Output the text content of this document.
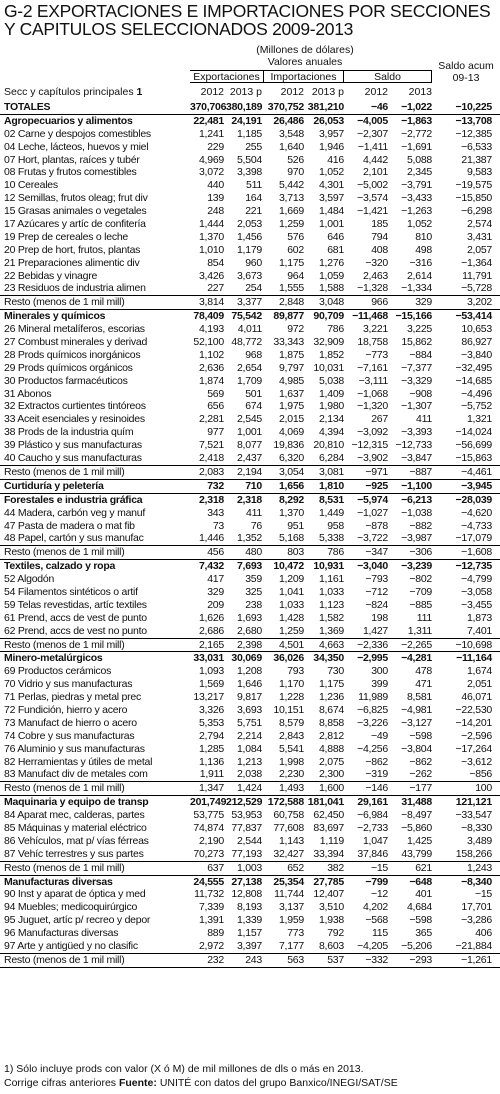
G-2 EXPORTACIONES E IMPORTACIONES POR SECCIONES Y CAPITULOS SELECCIONADOS 2009-2013
(Millones de dólares)
Valores anuales	Saldo acum 09-13
Exportaciones	Importaciones	Saldo
Secc y capítulos principales 1	2012 2013 p	2012 2013 p	2012	2013
TOTALES	370,706 380,189 370,752 381,210	−46	−1,022	−10,225
Agropecuarios y alimentos	22,481 24,191	26,486 26,053	−4,005	−1,863	−13,708
02 Carne y despojos comestibles	1,241	1,185	3,548	3,957	−2,307	−2,772	−12,385
04 Leche, lácteos, huevos y miel	229	255	1,640	1,946	−1,411	−1,691	−6,533
07 Hort, plantas, raíces y tubér	4,969	5,504	526	416	4,442	5,088	21,387
08 Frutas y frutos comestibles	3,072	3,398	970	1,052	2,101	2,345	9,583
10 Cereales	440	511	5,442	4,301	−5,002	−3,791	−19,575
12 Semillas, frutos oleag; frut div	139	164	3,713	3,597	−3,574	−3,433	−15,850
15 Grasas animales o vegetales	248	221	1,669	1,484	−1,421	−1,263	−6,298
17 Azúcares y artíc de confitería	1,444	2,053	1,259	1,001	185	1,052	2,574
19 Prep de cereales o leche	1,370	1,456	576	646	794	810	3,431
20 Prep de hort, frutos, plantas	1,010	1,179	602	681	408	498	2,057
21 Preparaciones alimentic div	854	960	1,175	1,276	−320	−316	−1,364
22 Bebidas y vinagre	3,426	3,673	964	1,059	2,463	2,614	11,791
23 Residuos de industria alimen	227	254	1,555	1,588	−1,328	−1,334	−5,728
Resto (menos de 1 mil mill)	3,814	3,377	2,848	3,048	966	329	3,202
Minerales y químicos	78,409 75,542	89,877 90,709 −11,468 −15,166	−53,414
26 Mineral metalíferos, escorias	4,193	4,011	972	786	3,221	3,225	10,653
27 Combust minerales y derivad	52,100 48,772	33,343 32,909	18,758	15,862	86,927
28 Prods químicos inorgánicos	1,102	968	1,875	1,852	−773	−884	−3,840
29 Prods químicos orgánicos	2,636	2,654	9,797 10,031	−7,161	−7,377	−32,495
30 Productos farmacéuticos	1,874	1,709	4,985	5,038	−3,111	−3,329	−14,685
31 Abonos	569	501	1,637	1,409	−1,068	−908	−4,496
32 Extractos curtientes tintóreos	656	674	1,975	1,980	−1,320	−1,307	−5,752
33 Aceit esenciales y resinoides	2,281	2,545	2,015	2,134	267	411	1,321
38 Prods de la industria quím	977	1,001	4,069	4,394	−3,092	−3,393	−14,024
39 Plástico y sus manufacturas	7,521	8,077	19,836 20,810 −12,315 −12,733	−56,699
40 Caucho y sus manufacturas	2,418	2,437	6,320	6,284	−3,902	−3,847	−15,863
Resto (menos de 1 mil mill)	2,083	2,194	3,054	3,081	−971	−887	−4,461
Curtiduría y peletería	732	710	1,656	1,810	−925	−1,100	−3,945
Forestales e industria gráfica	2,318	2,318	8,292	8,531	−5,974	−6,213	−28,039
44 Madera, carbón veg y manuf	343	411	1,370	1,449	−1,027	−1,038	−4,620
47 Pasta de madera o mat fib	73	76	951	958	−878	−882	−4,733
48 Papel, cartón y sus manufac	1,446	1,352	5,168	5,338	−3,722	−3,987	−17,079
Resto (menos de 1 mil mill)	456	480	803	786	−347	−306	−1,608
Textiles, calzado y ropa	7,432	7,693	10,472 10,931	−3,040	−3,239	−12,735
52 Algodón	417	359	1,209	1,161	−793	−802	−4,799
54 Filamentos sintéticos o artif	329	325	1,041	1,033	−712	−709	−3,058
59 Telas revestidas, artíc textiles	209	238	1,033	1,123	−824	−885	−3,455
61 Prend, accs de vest de punto	1,626	1,693	1,428	1,582	198	111	1,873
62 Prend, accs de vest no punto	2,686	2,680	1,259	1,369	1,427	1,311	7,401
Resto (menos de 1 mil mill)	2,165	2,398	4,501	4,663	−2,336	−2,265	−10,698
Minero-metalúrgicos	33,031 30,069	36,026 34,350	−2,995	−4,281	−11,164
69 Productos cerámicos	1,093	1,208	793	730	300	478	1,674
70 Vidrio y sus manufacturas	1,569	1,646	1,170	1,175	399	471	2,051
71 Perlas, piedras y metal prec	13,217	9,817	1,228	1,236	11,989	8,581	46,071
72 Fundición, hierro y acero	3,326	3,693	10,151	8,674	−6,825	−4,981	−22,530
73 Manufact de hierro o acero	5,353	5,751	8,579	8,858	−3,226	−3,127	−14,201
74 Cobre y sus manufacturas	2,794	2,214	2,843	2,812	−49	−598	−2,596
76 Aluminio y sus manufacturas	1,285	1,084	5,541	4,888	−4,256	−3,804	−17,264
82 Herramientas y útiles de metal	1,136	1,213	1,998	2,075	−862	−862	−3,612
83 Manufact div de metales com	1,911	2,038	2,230	2,300	−319	−262	−856
Resto (menos de 1 mil mill)	1,347	1,424	1,493	1,600	−146	−177	100
Maquinaria y equipo de transp	201,749 212,529 172,588 181,041	29,161	31,488	121,121
84 Aparat mec, calderas, partes	53,775 53,953	60,758 62,450	−6,984	−8,497	−33,547
85 Máquinas y material eléctrico	74,874 77,837	77,608 83,697	−2,733	−5,860	−8,330
86 Vehículos, mat p/ vías férreas	2,190	2,544	1,143	1,119	1,047	1,425	3,489
87 Vehíc terrestres y sus partes	70,273 77,193	32,427 33,394	37,846	43,799	158,266
Resto (menos de 1 mil mill)	637	1,003	652	382	−15	621	1,243
Manufacturas diversas	24,555 27,138	25,354 27,785	−799	−648	−8,340
90 Inst y aparat de óptica y med	11,732 12,808	11,744 12,407	−12	401	−15
94 Muebles; medicoquirúrgico	7,339	8,193	3,137	3,510	4,202	4,684	17,701
95 Juguet, artíc p/ recreo y depor	1,391	1,339	1,959	1,938	−568	−598	−3,286
96 Manufacturas diversas	889	1,157	773	792	115	365	406
97 Arte y antigüed y no clasific	2,972	3,397	7,177	8,603	−4,205	−5,206	−21,884
Resto (menos de 1 mil mill)	232	243	563	537	−332	−293	−1,261
1) Sólo incluye prods con valor (X ó M) de mil millones de dls o más en 2013.
Corrige cifras anteriores Fuente: UNITÉ con datos del grupo Banxico/INEGI/SAT/SE
